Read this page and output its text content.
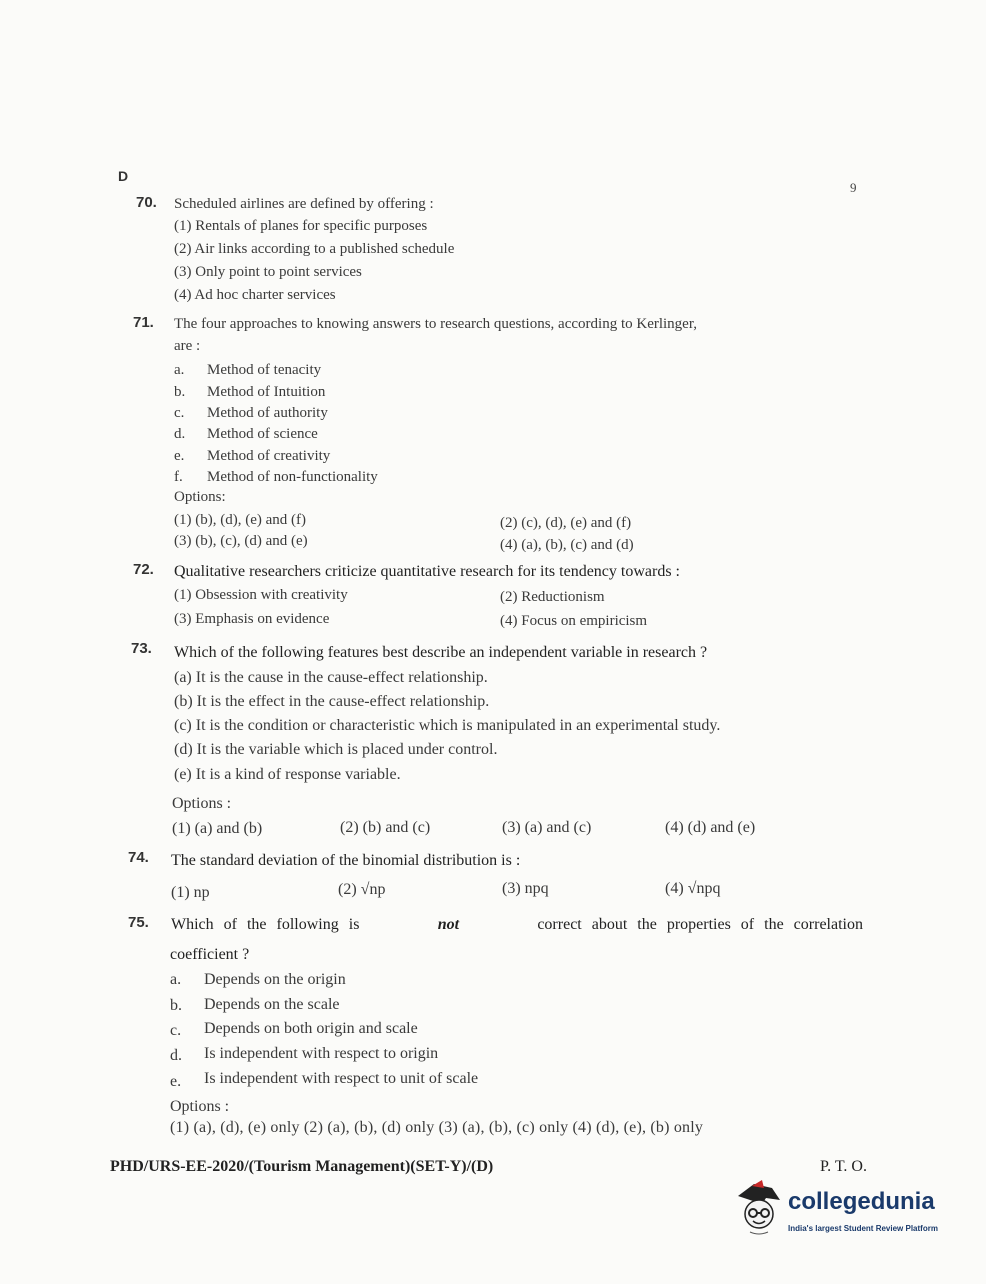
D
9
70. Scheduled airlines are defined by offering :
(1) Rentals of planes for specific purposes
(2) Air links according to a published schedule
(3) Only point to point services
(4) Ad hoc charter services
71. The four approaches to knowing answers to research questions, according to Kerlinger,
are :
a. Method of tenacity
b. Method of Intuition
c. Method of authority
d. Method of science
e. Method of creativity
f. Method of non-functionality
Options:
(1) (b), (d), (e) and (f)	(2) (c), (d), (e) and (f)
(3) (b), (c), (d) and (e)	(4) (a), (b), (c) and (d)
72. Qualitative researchers criticize quantitative research for its tendency towards :
(1) Obsession with creativity	(2) Reductionism
(3) Emphasis on evidence	(4) Focus on empiricism
73. Which of the following features best describe an independent variable in research ?
(a) It is the cause in the cause-effect relationship.
(b) It is the effect in the cause-effect relationship.
(c) It is the condition or characteristic which is manipulated in an experimental study.
(d) It is the variable which is placed under control.
(e) It is a kind of response variable.
Options :
(1) (a) and (b)	(2) (b) and (c)	(3) (a) and (c)	(4) (d) and (e)
74. The standard deviation of the binomial distribution is :
(1) np	(2) √np	(3) npq	(4) √npq
75. Which of the following is	not	correct about the properties of the correlation
coefficient ?
a. Depends on the origin
b. Depends on the scale
c. Depends on both origin and scale
d. Is independent with respect to origin
e. Is independent with respect to unit of scale
Options :
(1) (a), (d), (e) only (2) (a), (b), (d) only (3) (a), (b), (c) only (4) (d), (e), (b) only
PHD/URS-EE-2020/(Tourism Management)(SET-Y)/(D)	P. T. O.
collegedunia
India's largest Student Review Platform
